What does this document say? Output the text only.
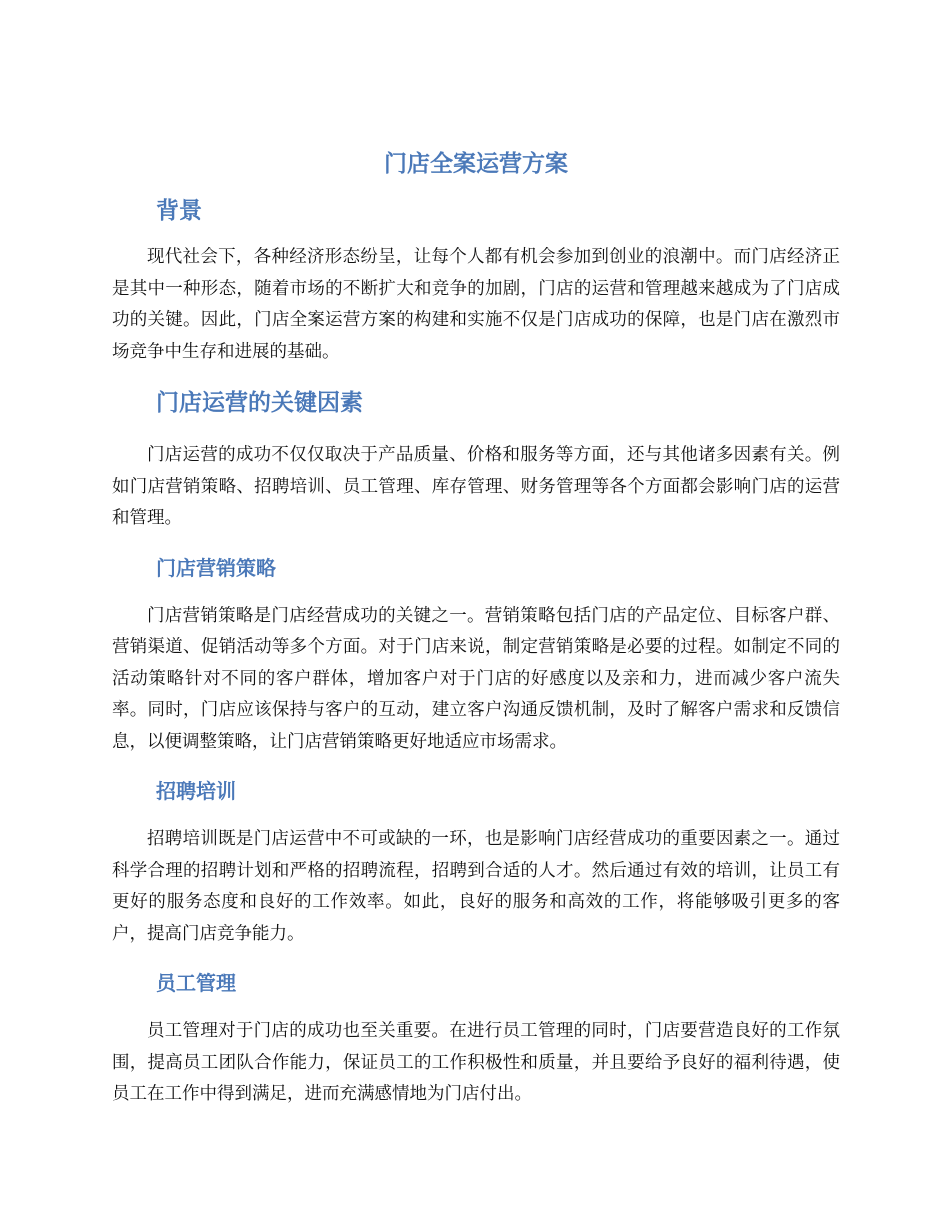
门店全案运营方案
背景

现代社会下，各种经济形态纷呈，让每个人都有机会参加到创业的浪潮中。而门店经济正是其中一种形态，随着市场的不断扩大和竞争的加剧，门店的运营和管理越来越成为了门店成功的关键。因此，门店全案运营方案的构建和实施不仅是门店成功的保障，也是门店在激烈市场竞争中生存和进展的基础。

门店运营的关键因素

门店运营的成功不仅仅取决于产品质量、价格和服务等方面，还与其他诸多因素有关。例如门店营销策略、招聘培训、员工管理、库存管理、财务管理等各个方面都会影响门店的运营和管理。

门店营销策略

门店营销策略是门店经营成功的关键之一。营销策略包括门店的产品定位、目标客户群、营销渠道、促销活动等多个方面。对于门店来说，制定营销策略是必要的过程。如制定不同的活动策略针对不同的客户群体，增加客户对于门店的好感度以及亲和力，进而减少客户流失率。同时，门店应该保持与客户的互动，建立客户沟通反馈机制，及时了解客户需求和反馈信息，以便调整策略，让门店营销策略更好地适应市场需求。

招聘培训

招聘培训既是门店运营中不可或缺的一环，也是影响门店经营成功的重要因素之一。通过科学合理的招聘计划和严格的招聘流程，招聘到合适的人才。然后通过有效的培训，让员工有更好的服务态度和良好的工作效率。如此，良好的服务和高效的工作，将能够吸引更多的客户，提高门店竞争能力。

员工管理

员工管理对于门店的成功也至关重要。在进行员工管理的同时，门店要营造良好的工作氛围，提高员工团队合作能力，保证员工的工作积极性和质量，并且要给予良好的福利待遇，使员工在工作中得到满足，进而充满感情地为门店付出。
